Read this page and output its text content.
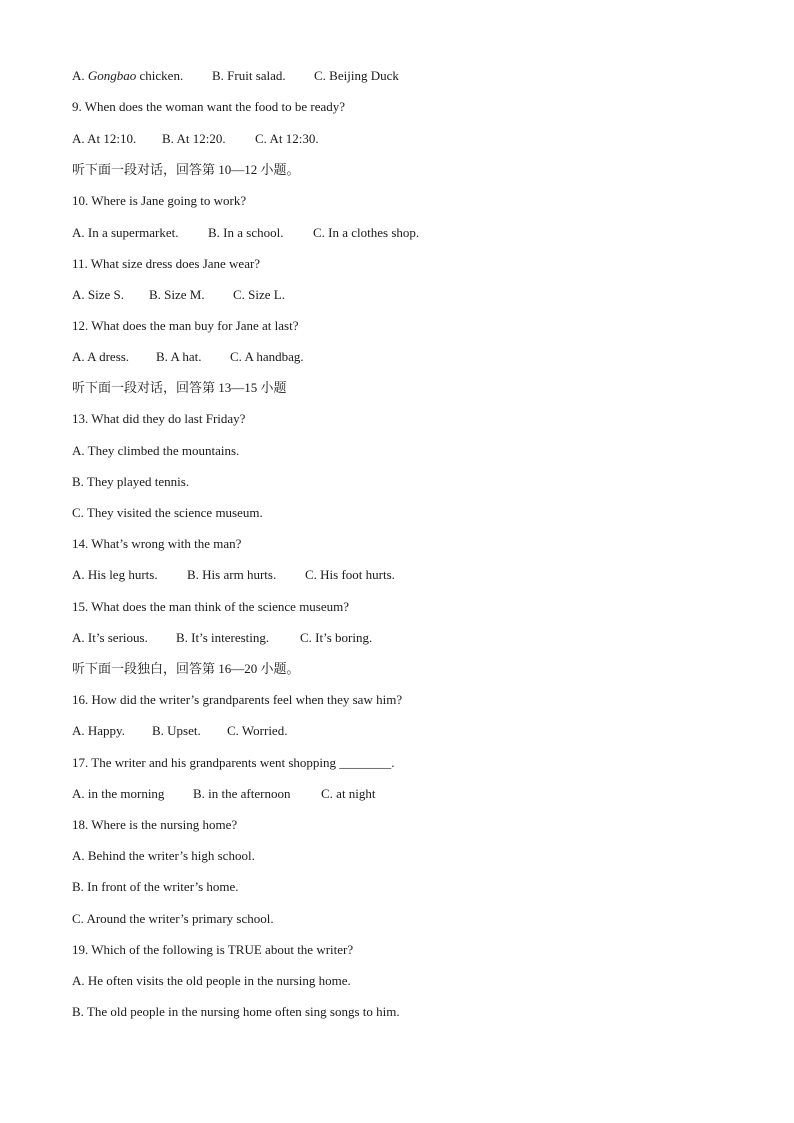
A. Gongbao chicken. B. Fruit salad. C. Beijing Duck
9. When does the woman want the food to be ready?
A. At 12:10. B. At 12:20. C. At 12:30.
听下面一段对话，回答第 10—12 小题。
10. Where is Jane going to work?
A. In a supermarket. B. In a school. C. In a clothes shop.
11. What size dress does Jane wear?
A. Size S. B. Size M. C. Size L.
12. What does the man buy for Jane at last?
A. A dress. B. A hat. C. A handbag.
听下面一段对话，回答第 13—15 小题
13. What did they do last Friday?
A. They climbed the mountains.
B. They played tennis.
C. They visited the science museum.
14. What’s wrong with the man?
A. His leg hurts. B. His arm hurts. C. His foot hurts.
15. What does the man think of the science museum?
A. It’s serious. B. It’s interesting. C. It’s boring.
听下面一段独白，回答第 16—20 小题。
16. How did the writer’s grandparents feel when they saw him?
A. Happy. B. Upset. C. Worried.
17. The writer and his grandparents went shopping ________.
A. in the morning B. in the afternoon C. at night
18. Where is the nursing home?
A. Behind the writer’s high school.
B. In front of the writer’s home.
C. Around the writer’s primary school.
19. Which of the following is TRUE about the writer?
A. He often visits the old people in the nursing home.
B. The old people in the nursing home often sing songs to him.
